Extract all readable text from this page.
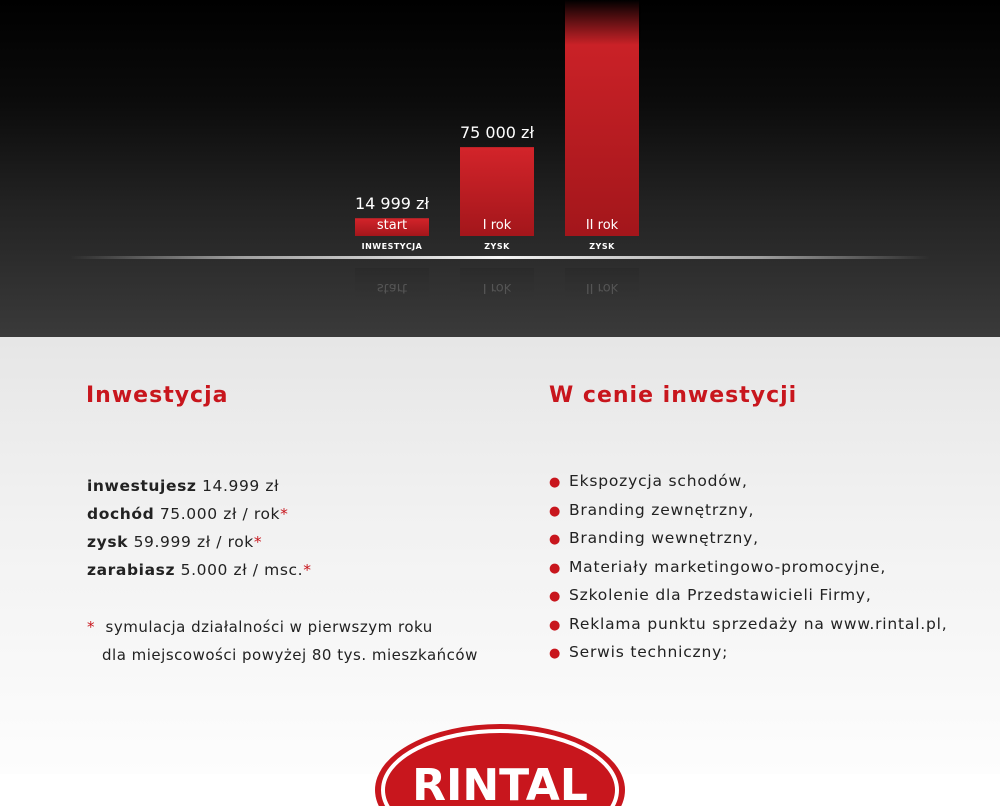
start
INWESTYCJA
14 999 zł
start
I rok
ZYSK
75 000 zł
I rok
II rok
ZYSK
II rok
Inwestycja
inwestujesz 14.999 zł
dochód 75.000 zł / rok*
zysk 59.999 zł / rok*
zarabiasz 5.000 zł / msc.*
* symulacja działalności w pierwszym roku
dla miejscowości powyżej 80 tys. mieszkańców
W cenie inwestycji
● Ekspozycja schodów,
● Branding zewnętrzny,
● Branding wewnętrzny,
● Materiały marketingowo-promocyjne,
● Szkolenie dla Przedstawicieli Firmy,
● Reklama punktu sprzedaży na www.rintal.pl,
● Serwis techniczny;
RINTAL
